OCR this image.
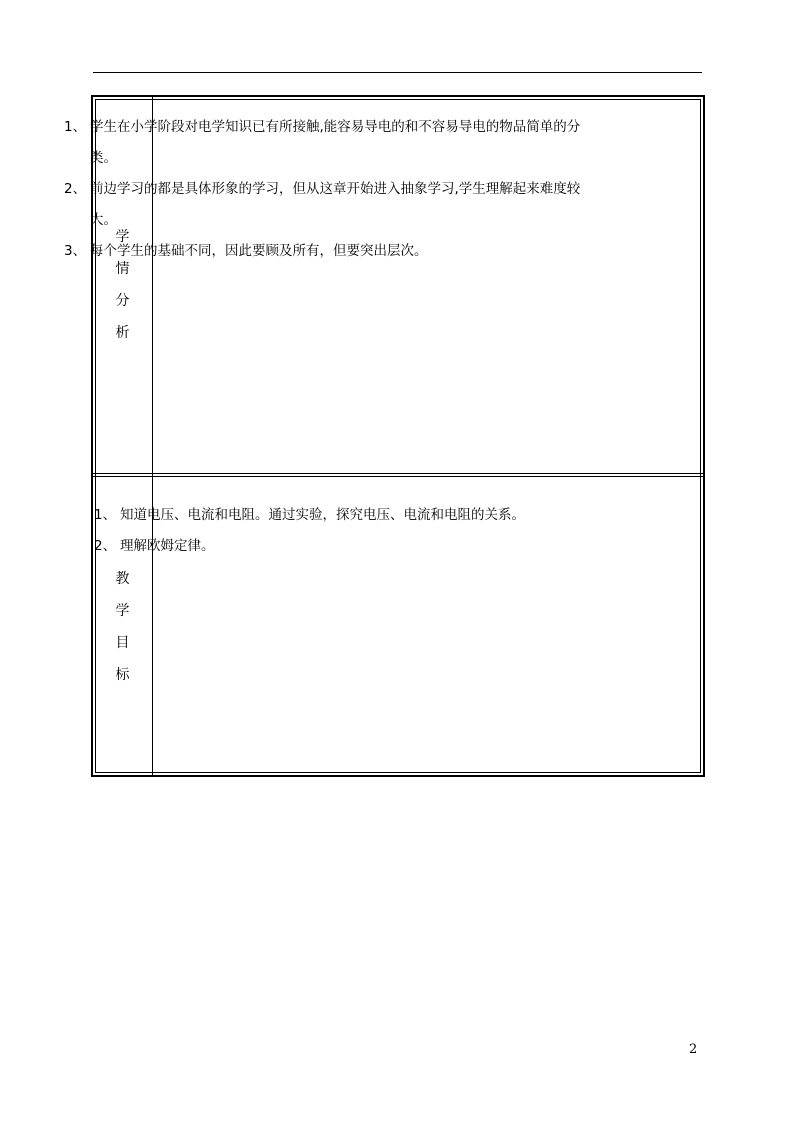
学
情
分
析
教
学
目
标
1、 学生在小学阶段对电学知识已有所接触,能容易导电的和不容易导电的物品简单的分
类。
2、 前边学习的都是具体形象的学习，但从这章开始进入抽象学习,学生理解起来难度较
大。
3、 每个学生的基础不同，因此要顾及所有，但要突出层次。
1、 知道电压、电流和电阻。通过实验，探究电压、电流和电阻的关系。
2、 理解欧姆定律。
2
